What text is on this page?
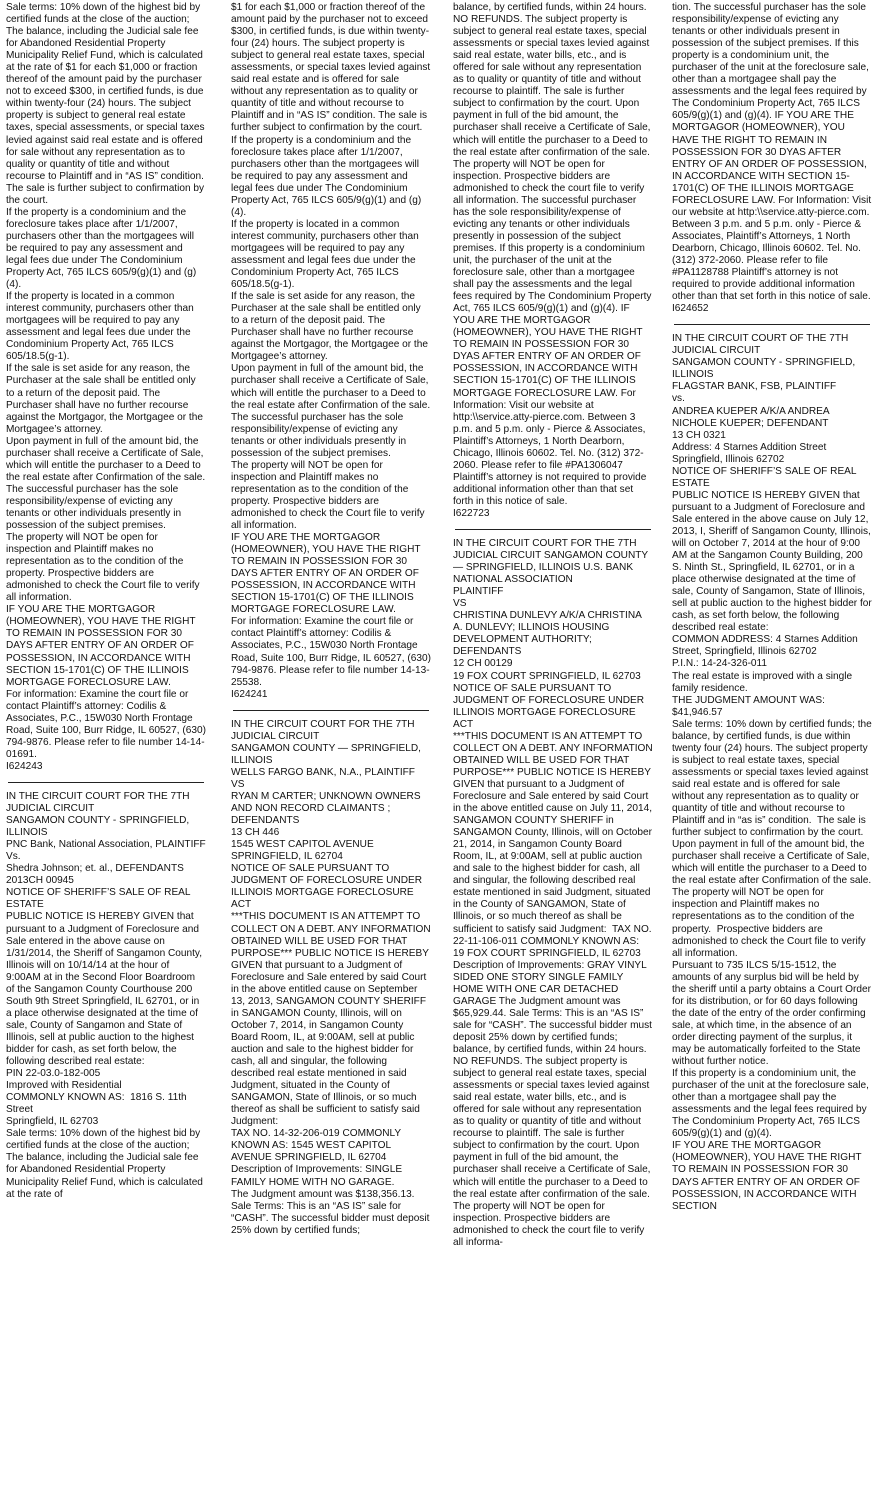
Sale terms: 10% down of the highest bid by certified funds at the close of the auction;  The balance, including the Judicial sale fee for Abandoned Residential Property Municipality Relief Fund, which is calculated at the rate of $1 for each $1,000 or fraction thereof of the amount paid by the purchaser not to exceed $300, in certified funds, is due within twenty-four (24) hours. The subject property is subject to general real estate taxes, special assessments, or special taxes levied against said real estate and is offered for sale without any representation as to quality or quantity of title and without recourse to Plaintiff and in “AS IS” condition. The sale is further subject to confirmation by the court.

If the property is a condominium and the foreclosure takes place after 1/1/2007, purchasers other than the mortgagees will be required to pay any assessment and legal fees due under The Condominium Property Act, 765 ILCS 605/9(g)(1) and (g)(4).

If the property is located in a common interest community, purchasers other than mortgagees will be required to pay any assessment and legal fees due under the Condominium Property Act, 765 ILCS 605/18.5(g-1).

If the sale is set aside for any reason, the Purchaser at the sale shall be entitled only to a return of the deposit paid. The Purchaser shall have no further recourse against the Mortgagor, the Mortgagee or the Mortgagee’s attorney.

Upon payment in full of the amount bid, the purchaser shall receive a Certificate of Sale, which will entitle the purchaser to a Deed to the real estate after Confirmation of the sale. The successful purchaser has the sole responsibility/expense of evicting any tenants or other individuals presently in possession of the subject premises.

The property will NOT be open for inspection and Plaintiff makes no representation as to the condition of the property. Prospective bidders are admonished to check the Court file to verify all information.

IF YOU ARE THE MORTGAGOR (HOMEOWNER), YOU HAVE THE RIGHT TO REMAIN IN POSSESSION FOR 30 DAYS AFTER ENTRY OF AN ORDER OF POSSESSION, IN ACCORDANCE WITH SECTION 15-1701(C) OF THE ILLINOIS MORTGAGE FORECLOSURE LAW.

For information: Examine the court file or contact Plaintiff’s attorney: Codilis & Associates, P.C., 15W030 North Frontage Road, Suite 100, Burr Ridge, IL 60527, (630) 794-9876. Please refer to file number 14-14-01691.

I624243

IN THE CIRCUIT COURT FOR THE 7TH JUDICIAL CIRCUIT

SANGAMON COUNTY - SPRINGFIELD, ILLINOIS

PNC Bank, National Association, PLAINTIFF

Vs.

Shedra Johnson; et. al., DEFENDANTS

2013CH 00945

NOTICE OF SHERIFF’S SALE OF REAL ESTATE

PUBLIC NOTICE IS HEREBY GIVEN that pursuant to a Judgment of Foreclosure and Sale entered in the above cause on 1/31/2014, the Sheriff of Sangamon County, Illinois will on 10/14/14 at the hour of 9:00AM at in the Second Floor Boardroom of the Sangamon County Courthouse 200 South 9th Street Springfield, IL 62701, or in a place otherwise designated at the time of sale, County of Sangamon and State of Illinois, sell at public auction to the highest bidder for cash, as set forth below, the following described real estate:

PIN 22-03.0-182-005

Improved with Residential

COMMONLY KNOWN AS:  1816 S. 11th Street

Springfield, IL 62703

Sale terms: 10% down of the highest bid by certified funds at the close of the auction;  The balance, including the Judicial sale fee for Abandoned Residential Property Municipality Relief Fund, which is calculated at the rate of

$1 for each $1,000 or fraction thereof of the amount paid by the purchaser not to exceed $300, in certified funds, is due within twenty-four (24) hours. The subject property is subject to general real estate taxes, special assessments, or special taxes levied against said real estate and is offered for sale without any representation as to quality or quantity of title and without recourse to Plaintiff and in “AS IS” condition. The sale is further subject to confirmation by the court.

If the property is a condominium and the foreclosure takes place after 1/1/2007, purchasers other than the mortgagees will be required to pay any assessment and legal fees due under The Condominium Property Act, 765 ILCS 605/9(g)(1) and (g)(4).

If the property is located in a common interest community, purchasers other than mortgagees will be required to pay any assessment and legal fees due under the Condominium Property Act, 765 ILCS 605/18.5(g-1).

If the sale is set aside for any reason, the Purchaser at the sale shall be entitled only to a return of the deposit paid. The Purchaser shall have no further recourse against the Mortgagor, the Mortgagee or the Mortgagee’s attorney.

Upon payment in full of the amount bid, the purchaser shall receive a Certificate of Sale, which will entitle the purchaser to a Deed to the real estate after Confirmation of the sale. The successful purchaser has the sole responsibility/expense of evicting any tenants or other individuals presently in possession of the subject premises.

The property will NOT be open for inspection and Plaintiff makes no representation as to the condition of the property. Prospective bidders are admonished to check the Court file to verify all information.

IF YOU ARE THE MORTGAGOR (HOMEOWNER), YOU HAVE THE RIGHT TO REMAIN IN POSSESSION FOR 30 DAYS AFTER ENTRY OF AN ORDER OF POSSESSION, IN ACCORDANCE WITH SECTION 15-1701(C) OF THE ILLINOIS MORTGAGE FORECLOSURE LAW.

For information: Examine the court file or contact Plaintiff’s attorney: Codilis & Associates, P.C., 15W030 North Frontage Road, Suite 100, Burr Ridge, IL 60527, (630) 794-9876. Please refer to file number 14-13-25538.

I624241

IN THE CIRCUIT COURT FOR THE 7TH JUDICIAL CIRCUIT

SANGAMON COUNTY — SPRINGFIELD, ILLINOIS

WELLS FARGO BANK, N.A., PLAINTIFF

VS

RYAN M CARTER; UNKNOWN OWNERS AND NON RECORD CLAIMANTS ; DEFENDANTS

13 CH 446

1545 WEST CAPITOL AVENUE SPRINGFIELD, IL 62704

NOTICE OF SALE PURSUANT TO JUDGMENT OF FORECLOSURE UNDER ILLINOIS MORTGAGE FORECLOSURE ACT

***THIS DOCUMENT IS AN ATTEMPT TO COLLECT ON A DEBT. ANY INFORMATION OBTAINED WILL BE USED FOR THAT PURPOSE*** PUBLIC NOTICE IS HEREBY GIVEN that pursuant to a Judgment of Foreclosure and Sale entered by said Court in the above entitled cause on September 13, 2013, SANGAMON COUNTY SHERIFF in SANGAMON County, Illinois, will on October 7, 2014, in Sangamon County Board Room, IL, at 9:00AM, sell at public auction and sale to the highest bidder for cash, all and singular, the following described real estate mentioned in said Judgment, situated in the County of SANGAMON, State of Illinois, or so much thereof as shall be sufficient to satisfy said Judgment:

TAX NO. 14-32-206-019 COMMONLY KNOWN AS: 1545 WEST CAPITOL AVENUE SPRINGFIELD, IL 62704 Description of Improvements: SINGLE FAMILY HOME WITH NO GARAGE.

The Judgment amount was $138,356.13. Sale Terms: This is an “AS IS” sale for “CASH”. The successful bidder must deposit 25% down by certified funds;

balance, by certified funds, within 24 hours. NO REFUNDS. The subject property is subject to general real estate taxes, special assessments or special taxes levied against said real estate, water bills, etc., and is offered for sale without any representation as to quality or quantity of title and without recourse to plaintiff. The sale is further subject to confirmation by the court. Upon payment in full of the bid amount, the purchaser shall receive a Certificate of Sale, which will entitle the purchaser to a Deed to the real estate after confirmation of the sale. The property will NOT be open for inspection. Prospective bidders are admonished to check the court file to verify all information. The successful purchaser has the sole responsibility/expense of evicting any tenants or other individuals presently in possession of the subject premises. If this property is a condominium unit, the purchaser of the unit at the foreclosure sale, other than a mortgagee shall pay the assessments and the legal fees required by The Condominium Property Act, 765 ILCS 605/9(g)(1) and (g)(4). IF YOU ARE THE MORTGAGOR (HOMEOWNER), YOU HAVE THE RIGHT TO REMAIN IN POSSESSION FOR 30 DYAS AFTER ENTRY OF AN ORDER OF POSSESSION, IN ACCORDANCE WITH SECTION 15-1701(C) OF THE ILLINOIS MORTGAGE FORECLOSURE LAW. For Information: Visit our website at http:\\service.atty-pierce.com. Between 3 p.m. and 5 p.m. only - Pierce & Associates, Plaintiff’s Attorneys, 1 North Dearborn, Chicago, Illinois 60602. Tel. No. (312) 372-2060. Please refer to file #PA1306047 Plaintiff’s attorney is not required to provide additional information other than that set forth in this notice of sale.

I622723

IN THE CIRCUIT COURT FOR THE 7TH JUDICIAL CIRCUIT SANGAMON COUNTY — SPRINGFIELD, ILLINOIS U.S. BANK NATIONAL ASSOCIATION

PLAINTIFF

VS

CHRISTINA DUNLEVY A/K/A CHRISTINA A. DUNLEVY; ILLINOIS HOUSING DEVELOPMENT AUTHORITY; DEFENDANTS

12 CH 00129

19 FOX COURT SPRINGFIELD, IL 62703

NOTICE OF SALE PURSUANT TO JUDGMENT OF FORECLOSURE UNDER ILLINOIS MORTGAGE FORECLOSURE ACT

***THIS DOCUMENT IS AN ATTEMPT TO COLLECT ON A DEBT. ANY INFORMATION OBTAINED WILL BE USED FOR THAT PURPOSE*** PUBLIC NOTICE IS HEREBY GIVEN that pursuant to a Judgment of Foreclosure and Sale entered by said Court in the above entitled cause on July 11, 2014, SANGAMON COUNTY SHERIFF in SANGAMON County, Illinois, will on October 21, 2014, in Sangamon County Board Room, IL, at 9:00AM, sell at public auction and sale to the highest bidder for cash, all and singular, the following described real estate mentioned in said Judgment, situated in the County of SANGAMON, State of Illinois, or so much thereof as shall be sufficient to satisfy said Judgment:  TAX NO. 22-11-106-011 COMMONLY KNOWN AS: 19 FOX COURT SPRINGFIELD, IL 62703 Description of Improvements: GRAY VINYL SIDED ONE STORY SINGLE FAMILY HOME WITH ONE CAR DETACHED GARAGE The Judgment amount was $65,929.44. Sale Terms: This is an “AS IS” sale for “CASH”. The successful bidder must deposit 25% down by certified funds; balance, by certified funds, within 24 hours. NO REFUNDS. The subject property is subject to general real estate taxes, special assessments or special taxes levied against said real estate, water bills, etc., and is offered for sale without any representation as to quality or quantity of title and without recourse to plaintiff. The sale is further subject to confirmation by the court. Upon payment in full of the bid amount, the purchaser shall receive a Certificate of Sale, which will entitle the purchaser to a Deed to the real estate after confirmation of the sale. The property will NOT be open for inspection. Prospective bidders are admonished to check the court file to verify all informa-

tion. The successful purchaser has the sole responsibility/expense of evicting any tenants or other individuals present in possession of the subject premises. If this property is a condominium unit, the purchaser of the unit at the foreclosure sale, other than a mortgagee shall pay the assessments and the legal fees required by The Condominium Property Act, 765 ILCS 605/9(g)(1) and (g)(4). IF YOU ARE THE MORTGAGOR (HOMEOWNER), YOU HAVE THE RIGHT TO REMAIN IN POSSESSION FOR 30 DYAS AFTER ENTRY OF AN ORDER OF POSSESSION, IN ACCORDANCE WITH SECTION 15-1701(C) OF THE ILLINOIS MORTGAGE FORECLOSURE LAW. For Information: Visit our website at http:\\service.atty-pierce.com. Between 3 p.m. and 5 p.m. only - Pierce & Associates, Plaintiff’s Attorneys, 1 North Dearborn, Chicago, Illinois 60602. Tel. No. (312) 372-2060. Please refer to file #PA1128788 Plaintiff’s attorney is not required to provide additional information other than that set forth in this notice of sale.

I624652

IN THE CIRCUIT COURT OF THE 7TH JUDICIAL CIRCUIT

SANGAMON COUNTY - SPRINGFIELD, ILLINOIS

FLAGSTAR BANK, FSB, PLAINTIFF

vs.

ANDREA KUEPER A/K/A ANDREA NICHOLE KUEPER; DEFENDANT

13 CH 0321

Address: 4 Starnes Addition Street

Springfield, Illinois 62702

NOTICE OF SHERIFF’S SALE OF REAL ESTATE

PUBLIC NOTICE IS HEREBY GIVEN that pursuant to a Judgment of Foreclosure and Sale entered in the above cause on July 12, 2013, I, Sheriff of Sangamon County, Illinois, will on October 7, 2014 at the hour of 9:00 AM at the Sangamon County Building, 200 S. Ninth St., Springfield, IL 62701, or in a place otherwise designated at the time of sale, County of Sangamon, State of Illinois, sell at public auction to the highest bidder for cash, as set forth below, the following described real estate:

COMMON ADDRESS: 4 Starnes Addition Street, Springfield, Illinois 62702

P.I.N.: 14-24-326-011

The real estate is improved with a single family residence.

THE JUDGMENT AMOUNT WAS: $41,946.57

Sale terms: 10% down by certified funds; the balance, by certified funds, is due within twenty four (24) hours. The subject property is subject to real estate taxes, special assessments or special taxes levied against said real estate and is offered for sale without any representation as to quality or quantity of title and without recourse to Plaintiff and in “as is” condition.  The sale is further subject to confirmation by the court.

Upon payment in full of the amount bid, the purchaser shall receive a Certificate of Sale, which will entitle the purchaser to a Deed to the real estate after Confirmation of the sale.  The property will NOT be open for inspection and Plaintiff makes no representations as to the condition of the property.  Prospective bidders are admonished to check the Court file to verify all information.

Pursuant to 735 ILCS 5/15-1512, the amounts of any surplus bid will be held by the sheriff until a party obtains a Court Order for its distribution, or for 60 days following the date of the entry of the order confirming sale, at which time, in the absence of an order directing payment of the surplus, it may be automatically forfeited to the State without further notice.

If this property is a condominium unit, the purchaser of the unit at the foreclosure sale, other than a mortgagee shall pay the assessments and the legal fees required by The Condominium Property Act, 765 ILCS 605/9(g)(1) and (g)(4).

IF YOU ARE THE MORTGAGOR (HOMEOWNER), YOU HAVE THE RIGHT TO REMAIN IN POSSESSION FOR 30 DAYS AFTER ENTRY OF AN ORDER OF POSSESSION, IN ACCORDANCE WITH SECTION
